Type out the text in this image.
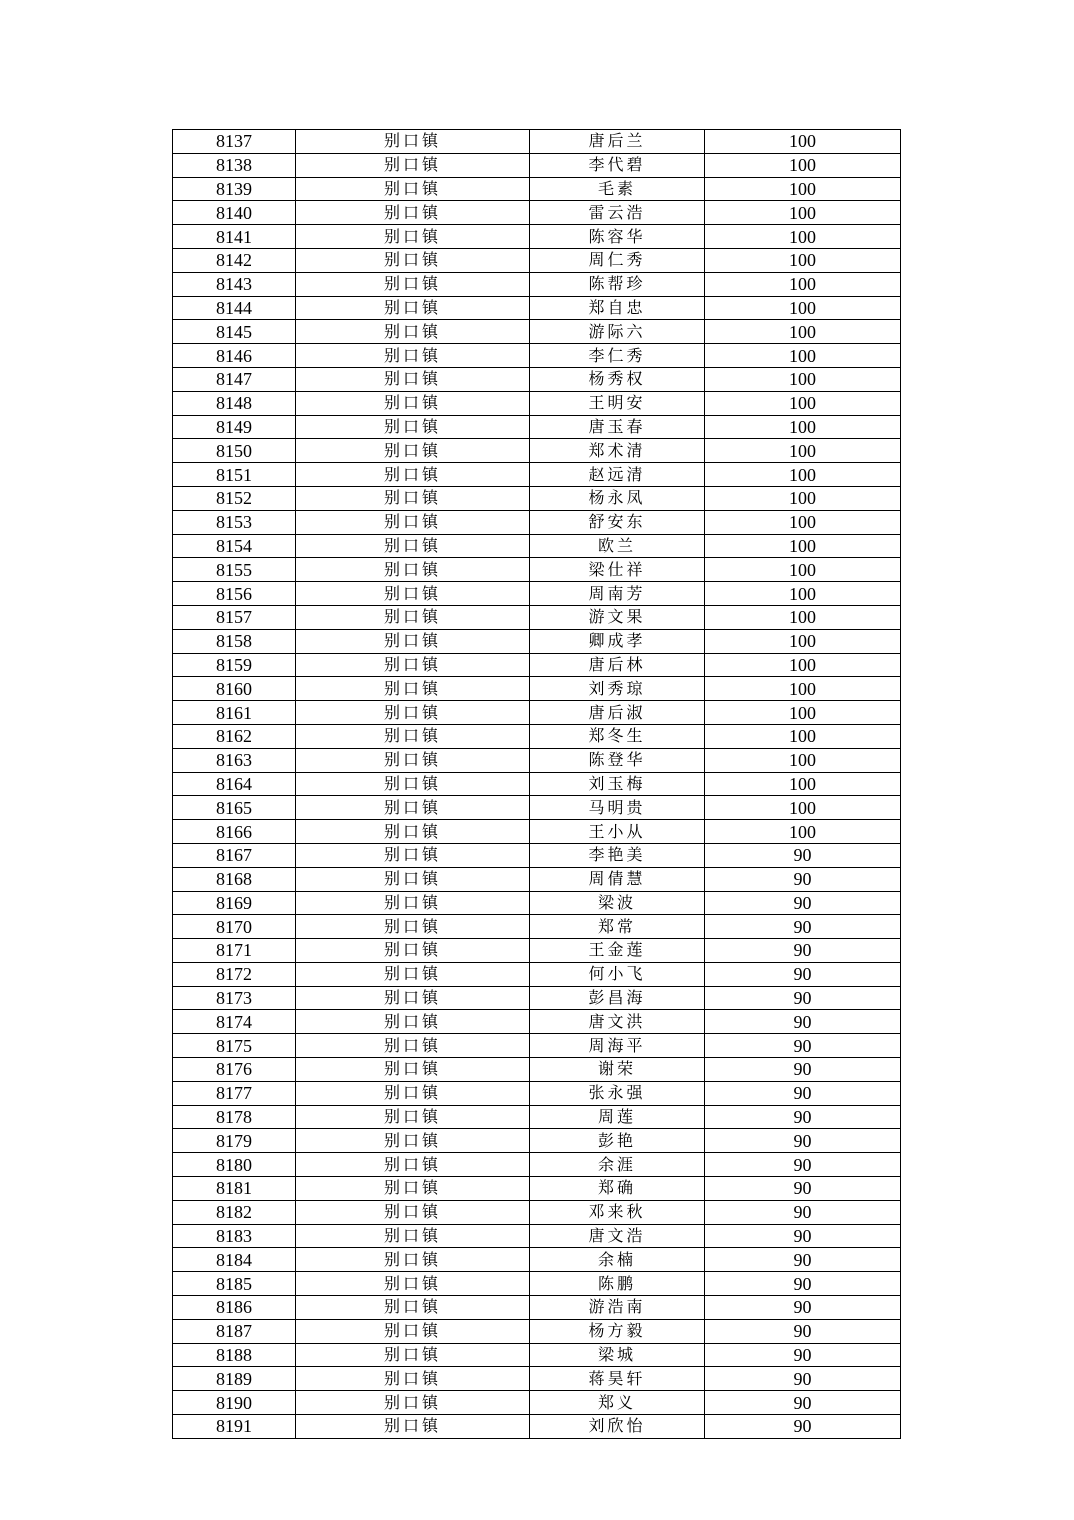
8137	别口镇	唐后兰	100
8138	别口镇	李代碧	100
8139	别口镇	毛素	100
8140	别口镇	雷云浩	100
8141	别口镇	陈容华	100
8142	别口镇	周仁秀	100
8143	别口镇	陈帮珍	100
8144	别口镇	郑自忠	100
8145	别口镇	游际六	100
8146	别口镇	李仁秀	100
8147	别口镇	杨秀权	100
8148	别口镇	王明安	100
8149	别口镇	唐玉春	100
8150	别口镇	郑术清	100
8151	别口镇	赵远清	100
8152	别口镇	杨永凤	100
8153	别口镇	舒安东	100
8154	别口镇	欧兰	100
8155	别口镇	梁仕祥	100
8156	别口镇	周南芳	100
8157	别口镇	游文果	100
8158	别口镇	卿成孝	100
8159	别口镇	唐后林	100
8160	别口镇	刘秀琼	100
8161	别口镇	唐后淑	100
8162	别口镇	郑冬生	100
8163	别口镇	陈登华	100
8164	别口镇	刘玉梅	100
8165	别口镇	马明贵	100
8166	别口镇	王小从	100
8167	别口镇	李艳美	90
8168	别口镇	周倩慧	90
8169	别口镇	梁波	90
8170	别口镇	郑常	90
8171	别口镇	王金莲	90
8172	别口镇	何小飞	90
8173	别口镇	彭昌海	90
8174	别口镇	唐文洪	90
8175	别口镇	周海平	90
8176	别口镇	谢荣	90
8177	别口镇	张永强	90
8178	别口镇	周莲	90
8179	别口镇	彭艳	90
8180	别口镇	余涯	90
8181	别口镇	郑确	90
8182	别口镇	邓来秋	90
8183	别口镇	唐文浩	90
8184	别口镇	余楠	90
8185	别口镇	陈鹏	90
8186	别口镇	游浩南	90
8187	别口镇	杨方毅	90
8188	别口镇	梁城	90
8189	别口镇	蒋昊轩	90
8190	别口镇	郑义	90
8191	别口镇	刘欣怡	90
